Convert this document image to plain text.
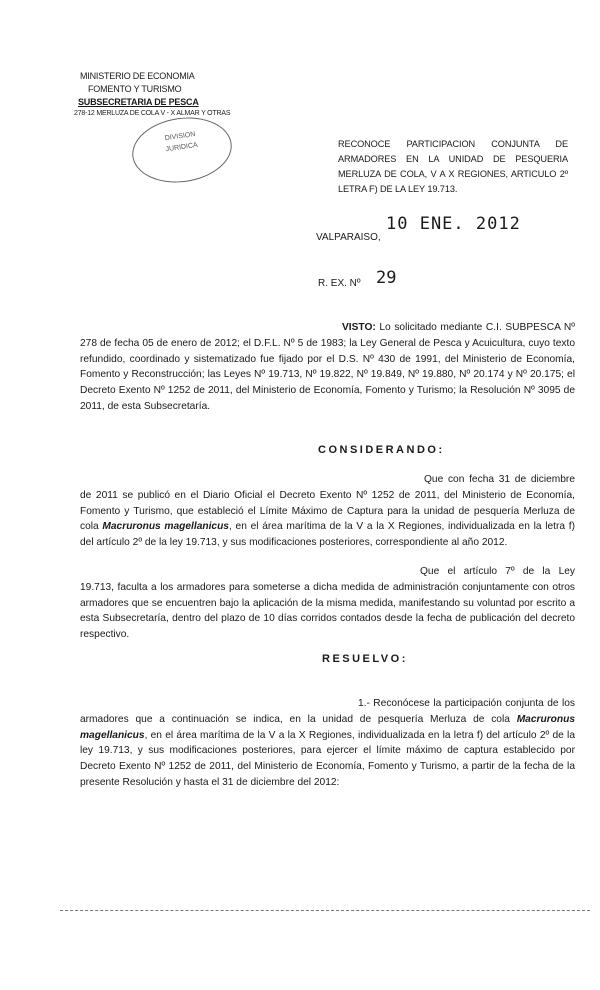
MINISTERIO DE ECONOMIA
FOMENTO Y TURISMO
SUBSECRETARIA DE PESCA
278-12 MERLUZA DE COLA V - X ALMAR Y OTRAS
DIVISION
JURIDICA	RECONOCE PARTICIPACION CONJUNTA DE ARMADORES EN LA UNIDAD DE PESQUERIA MERLUZA DE COLA, V A X REGIONES, ARTICULO 2º LETRA F) DE LA LEY 19.713.
VALPARAISO,
10 ENE. 2012
R. EX. Nº 29
VISTO: Lo solicitado mediante C.I. SUBPESCA Nº 278 de fecha 05 de enero de 2012; el D.F.L. Nº 5 de 1983; la Ley General de Pesca y Acuicultura, cuyo texto refundido, coordinado y sistematizado fue fijado por el D.S. Nº 430 de 1991, del Ministerio de Economía, Fomento y Reconstrucción; las Leyes Nº 19.713, Nº 19.822, Nº 19.849, Nº 19.880, Nº 20.174 y Nº 20.175; el Decreto Exento Nº 1252 de 2011, del Ministerio de Economía, Fomento y Turismo; la Resolución Nº 3095 de 2011, de esta Subsecretaría.
CONSIDERANDO:
Que con fecha 31 de diciembre de 2011 se publicó en el Diario Oficial el Decreto Exento Nº 1252 de 2011, del Ministerio de Economía, Fomento y Turismo, que estableció el Límite Máximo de Captura para la unidad de pesquería Merluza de cola Macruronus magellanicus, en el área marítima de la V a la X Regiones, individualizada en la letra f) del artículo 2º de la ley 19.713, y sus modificaciones posteriores, correspondiente al año 2012.
Que el artículo 7º de la Ley 19.713, faculta a los armadores para someterse a dicha medida de administración conjuntamente con otros armadores que se encuentren bajo la aplicación de la misma medida, manifestando su voluntad por escrito a esta Subsecretaría, dentro del plazo de 10 días corridos contados desde la fecha de publicación del decreto respectivo.
RESUELVO:
1.- Reconócese la participación conjunta de los armadores que a continuación se indica, en la unidad de pesquería Merluza de cola Macruronus magellanicus, en el área marítima de la V a la X Regiones, individualizada en la letra f) del artículo 2º de la ley 19.713, y sus modificaciones posteriores, para ejercer el límite máximo de captura establecido por Decreto Exento Nº 1252 de 2011, del Ministerio de Economía, Fomento y Turismo, a partir de la fecha de la presente Resolución y hasta el 31 de diciembre del 2012:
